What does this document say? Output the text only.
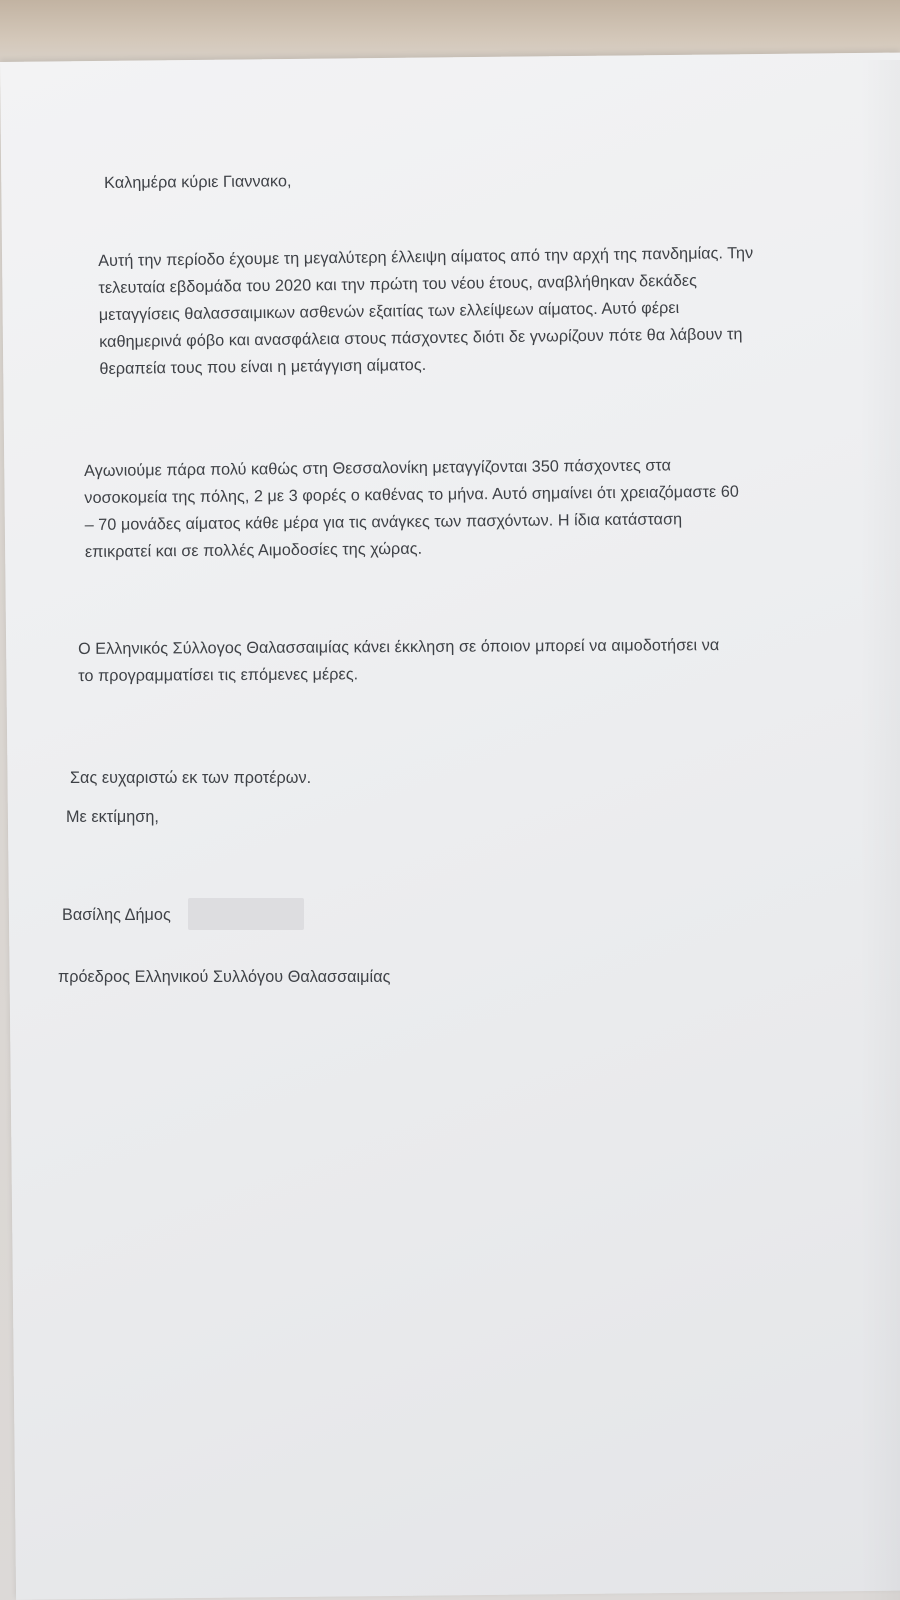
Καλημέρα κύριε Γιαννακο,
Αυτή την περίοδο έχουμε τη μεγαλύτερη έλλειψη αίματος από την αρχή της πανδημίας. Την
τελευταία εβδομάδα του 2020 και την πρώτη του νέου έτους, αναβλήθηκαν δεκάδες
μεταγγίσεις θαλασσαιμικων ασθενών εξαιτίας των ελλείψεων αίματος. Αυτό φέρει
καθημερινά φόβο και ανασφάλεια στους πάσχοντες διότι δε γνωρίζουν πότε θα λάβουν τη
θεραπεία τους που είναι η μετάγγιση αίματος.
Αγωνιούμε πάρα πολύ καθώς στη Θεσσαλονίκη μεταγγίζονται 350 πάσχοντες στα
νοσοκομεία της πόλης, 2 με 3 φορές ο καθένας το μήνα. Αυτό σημαίνει ότι χρειαζόμαστε 60
– 70 μονάδες αίματος κάθε μέρα για τις ανάγκες των πασχόντων. Η ίδια κατάσταση
επικρατεί και σε πολλές Αιμοδοσίες της χώρας.
Ο Ελληνικός Σύλλογος Θαλασσαιμίας κάνει έκκληση σε όποιον μπορεί να αιμοδοτήσει να
το προγραμματίσει τις επόμενες μέρες.
Σας ευχαριστώ εκ των προτέρων.
Με εκτίμηση,
Βασίλης Δήμος
πρόεδρος Ελληνικού Συλλόγου Θαλασσαιμίας
